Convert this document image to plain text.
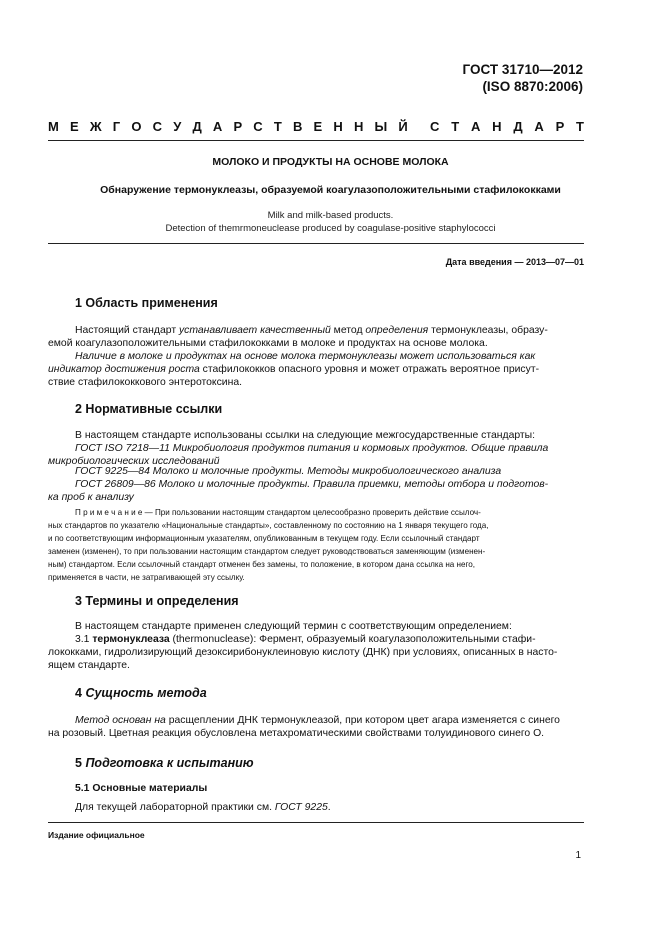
ГОСТ 31710—2012
(ISO 8870:2006)
М Е Ж Г О С У Д А Р С Т В Е Н Н Ы Й С Т А Н Д А Р Т
МОЛОКО И ПРОДУКТЫ НА ОСНОВЕ МОЛОКА
Обнаружение термонуклеазы, образуемой коагулазоположительными стафилококками
Milk and milk-based products.
Detection of themrmoneuclease produced by coagulase-positive staphylococci
Дата введения — 2013—07—01
1 Область применения
Настоящий стандарт устанавливает качественный метод определения термонуклеазы, образу-
емой коагулазоположительными стафилококками в молоке и продуктах на основе молока.
Наличие в молоке и продуктах на основе молока термонуклеазы может использоваться как
индикатор достижения роста стафилококков опасного уровня и может отражать вероятное присут-
ствие стафилококкового энтеротоксина.
2 Нормативные ссылки
В настоящем стандарте использованы ссылки на следующие межгосударственные стандарты:
ГОСТ ISO 7218—11 Микробиология продуктов питания и кормовых продуктов. Общие правила
микробиологических исследований
ГОСТ 9225—84 Молоко и молочные продукты. Методы микробиологического анализа
ГОСТ 26809—86 Молоко и молочные продукты. Правила приемки, методы отбора и подготов-
ка проб к анализу
П р и м е ч а н и е — При пользовании настоящим стандартом целесообразно проверить действие ссылоч-
ных стандартов по указателю «Национальные стандарты», составленному по состоянию на 1 января текущего года,
и по соответствующим информационным указателям, опубликованным в текущем году. Если ссылочный стандарт
заменен (изменен), то при пользовании настоящим стандартом следует руководствоваться заменяющим (изменен-
ным) стандартом. Если ссылочный стандарт отменен без замены, то положение, в котором дана ссылка на него,
применяется в части, не затрагивающей эту ссылку.
3 Термины и определения
В настоящем стандарте применен следующий термин с соответствующим определением:
3.1 термонуклеаза (thermonuclease): Фермент, образуемый коагулазоположительными стафи-
лококками, гидролизирующий дезоксирибонуклеиновую кислоту (ДНК) при условиях, описанных в насто-
ящем стандарте.
4 Сущность метода
Метод основан на расщеплении ДНК термонуклеазой, при котором цвет агара изменяется с синего
на розовый. Цветная реакция обусловлена метахроматическими свойствами толуидинового синего О.
5 Подготовка к испытанию
5.1 Основные материалы
Для текущей лабораторной практики см. ГОСТ 9225.
Издание официальное
1
